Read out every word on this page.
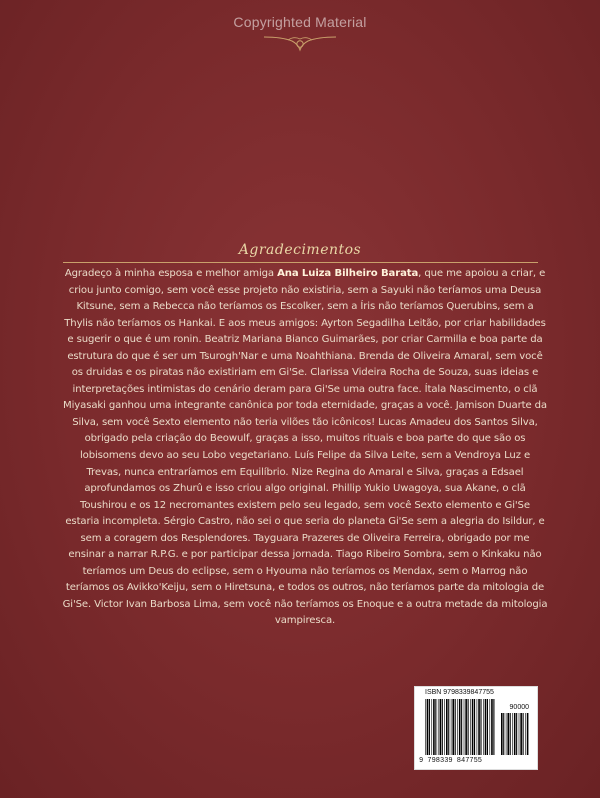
Copyrighted Material
Agradecimentos
Agradeço à minha esposa e melhor amiga Ana Luiza Bilheiro Barata, que me apoiou a criar, e criou junto comigo, sem você esse projeto não existiria, sem a Sayuki não teríamos uma Deusa Kitsune, sem a Rebecca não teríamos os Escolker, sem a Íris não teríamos Querubins, sem a Thylis não teríamos os Hankai. E aos meus amigos: Ayrton Segadilha Leitão, por criar habilidades e sugerir o que é um ronin. Beatriz Mariana Bianco Guimarães, por criar Carmilla e boa parte da estrutura do que é ser um Tsurogh'Nar e uma Noahthiana. Brenda de Oliveira Amaral, sem você os druidas e os piratas não existiriam em Gi'Se. Clarissa Videira Rocha de Souza, suas ideias e interpretações intimistas do cenário deram para Gi'Se uma outra face. Ítala Nascimento, o clã Miyasaki ganhou uma integrante canônica por toda eternidade, graças a você. Jamison Duarte da Silva, sem você Sexto elemento não teria vilões tão icônicos! Lucas Amadeu dos Santos Silva, obrigado pela criação do Beowulf, graças a isso, muitos rituais e boa parte do que são os lobisomens devo ao seu Lobo vegetariano. Luís Felipe da Silva Leite, sem a Vendroya Luz e Trevas, nunca entraríamos em Equilíbrio. Nize Regina do Amaral e Silva, graças a Edsael aprofundamos os Zhurû e isso criou algo original. Phillip Yukio Uwagoya, sua Akane, o clã Toushirou e os 12 necromantes existem pelo seu legado, sem você Sexto elemento e Gi'Se estaria incompleta. Sérgio Castro, não sei o que seria do planeta Gi'Se sem a alegria do Isildur, e sem a coragem dos Resplendores. Tayguara Prazeres de Oliveira Ferreira, obrigado por me ensinar a narrar R.P.G. e por participar dessa jornada. Tiago Ribeiro Sombra, sem o Kinkaku não teríamos um Deus do eclipse, sem o Hyouma não teríamos os Mendax, sem o Marrog não teríamos os Avikko'Keiju, sem o Hiretsuna, e todos os outros, não teríamos parte da mitologia de Gi'Se. Victor Ivan Barbosa Lima, sem você não teríamos os Enoque e a outra metade da mitologia vampiresca.
ISBN 9798339847755
90000
9 798339 847755
